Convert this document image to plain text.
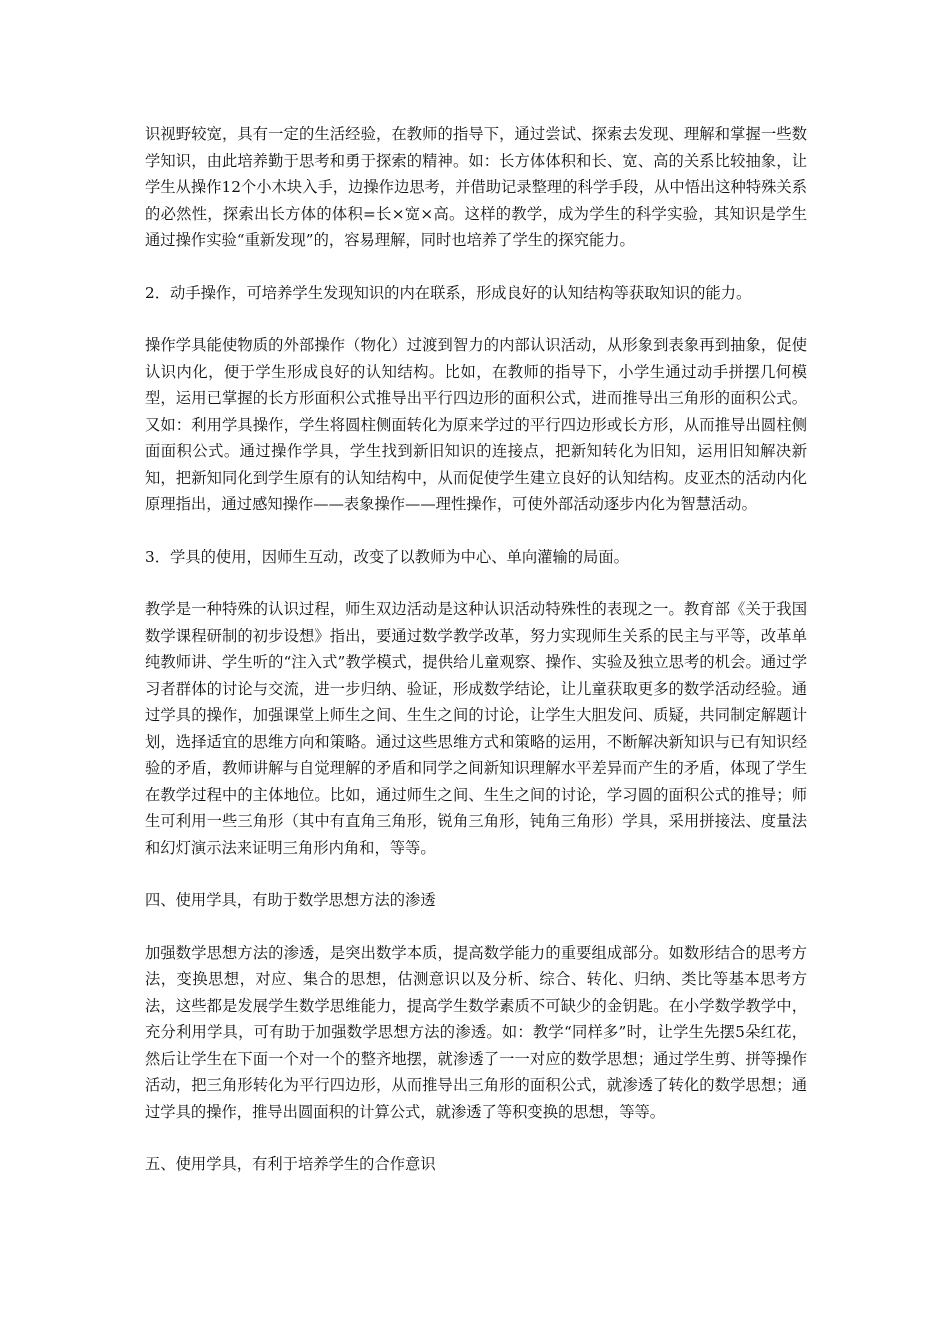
识视野较宽，具有一定的生活经验，在教师的指导下，通过尝试、探索去发现、理解和掌握一些数学知识，由此培养勤于思考和勇于探索的精神。如：长方体体积和长、宽、高的关系比较抽象，让学生从操作12个小木块入手，边操作边思考，并借助记录整理的科学手段，从中悟出这种特殊关系的必然性，探索出长方体的体积=长×宽×高。这样的教学，成为学生的科学实验，其知识是学生通过操作实验“重新发现”的，容易理解，同时也培养了学生的探究能力。

2．动手操作，可培养学生发现知识的内在联系，形成良好的认知结构等获取知识的能力。

操作学具能使物质的外部操作（物化）过渡到智力的内部认识活动，从形象到表象再到抽象，促使认识内化，便于学生形成良好的认知结构。比如，在教师的指导下，小学生通过动手拼摆几何模型，运用已掌握的长方形面积公式推导出平行四边形的面积公式，进而推导出三角形的面积公式。又如：利用学具操作，学生将圆柱侧面转化为原来学过的平行四边形或长方形，从而推导出圆柱侧面面积公式。通过操作学具，学生找到新旧知识的连接点，把新知转化为旧知，运用旧知解决新知，把新知同化到学生原有的认知结构中，从而促使学生建立良好的认知结构。皮亚杰的活动内化原理指出，通过感知操作——表象操作——理性操作，可使外部活动逐步内化为智慧活动。

3．学具的使用，因师生互动，改变了以教师为中心、单向灌输的局面。

教学是一种特殊的认识过程，师生双边活动是这种认识活动特殊性的表现之一。教育部《关于我国数学课程研制的初步设想》指出，要通过数学教学改革，努力实现师生关系的民主与平等，改革单纯教师讲、学生听的“注入式”教学模式，提供给儿童观察、操作、实验及独立思考的机会。通过学习者群体的讨论与交流，进一步归纳、验证，形成数学结论，让儿童获取更多的数学活动经验。通过学具的操作，加强课堂上师生之间、生生之间的讨论，让学生大胆发问、质疑，共同制定解题计划，选择适宜的思维方向和策略。通过这些思维方式和策略的运用，不断解决新知识与已有知识经验的矛盾，教师讲解与自觉理解的矛盾和同学之间新知识理解水平差异而产生的矛盾，体现了学生在教学过程中的主体地位。比如，通过师生之间、生生之间的讨论，学习圆的面积公式的推导；师生可利用一些三角形（其中有直角三角形，锐角三角形，钝角三角形）学具，采用拼接法、度量法和幻灯演示法来证明三角形内角和，等等。

四、使用学具，有助于数学思想方法的渗透

加强数学思想方法的渗透，是突出数学本质，提高数学能力的重要组成部分。如数形结合的思考方法，变换思想，对应、集合的思想，估测意识以及分析、综合、转化、归纳、类比等基本思考方法，这些都是发展学生数学思维能力，提高学生数学素质不可缺少的金钥匙。在小学数学教学中，充分利用学具，可有助于加强数学思想方法的渗透。如：教学“同样多”时，让学生先摆5朵红花，然后让学生在下面一个对一个的整齐地摆，就渗透了一一对应的数学思想；通过学生剪、拼等操作活动，把三角形转化为平行四边形，从而推导出三角形的面积公式，就渗透了转化的数学思想；通过学具的操作，推导出圆面积的计算公式，就渗透了等积变换的思想，等等。

五、使用学具，有利于培养学生的合作意识
